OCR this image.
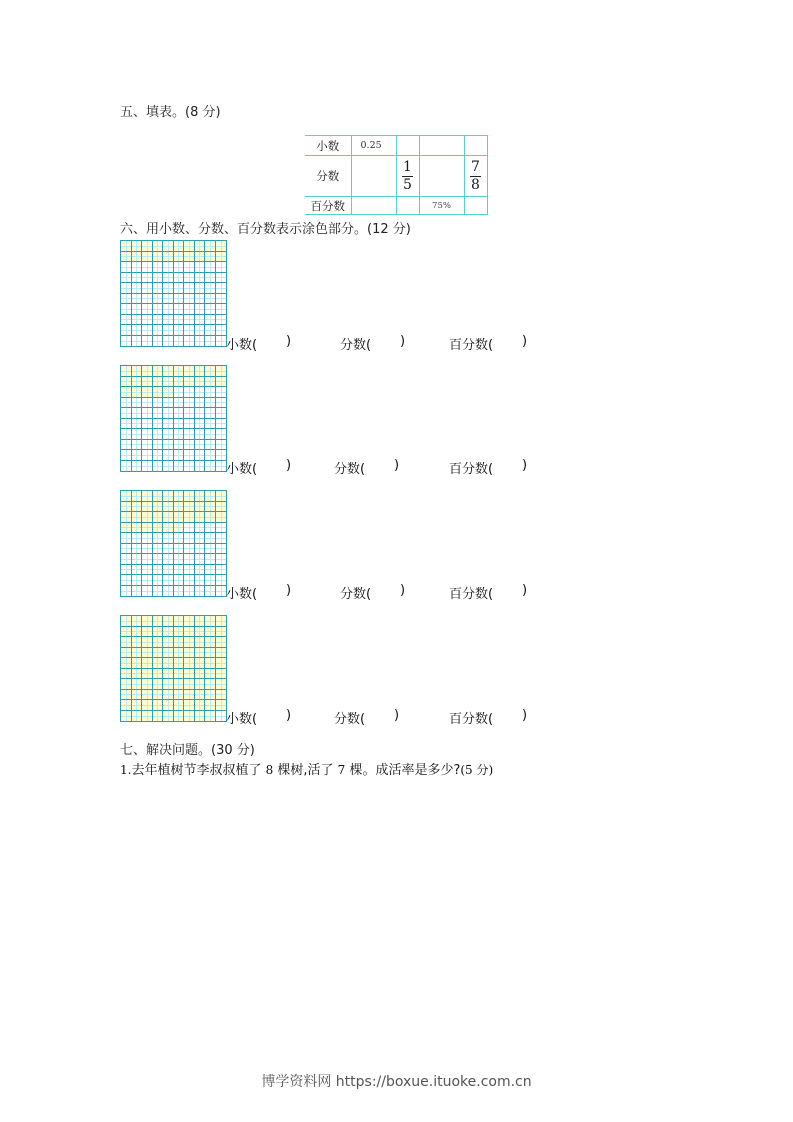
五、填表。(8 分)
小数	0.25			
分数		$\frac{1}{5}$		$\frac{7}{8}$

百分数			75%	
六、用小数、分数、百分数表示涂色部分。(12 分)
小数( )	分数( )	百分数( )
小数( )	分数( )	百分数( )
小数( )	分数( )	百分数( )
小数( )	分数( )	百分数( )
七、解决问题。(30 分)
1.去年植树节李叔叔植了 8 棵树,活了 7 棵。成活率是多少?(5 分)
博学资料网 https://boxue.ituoke.com.cn
